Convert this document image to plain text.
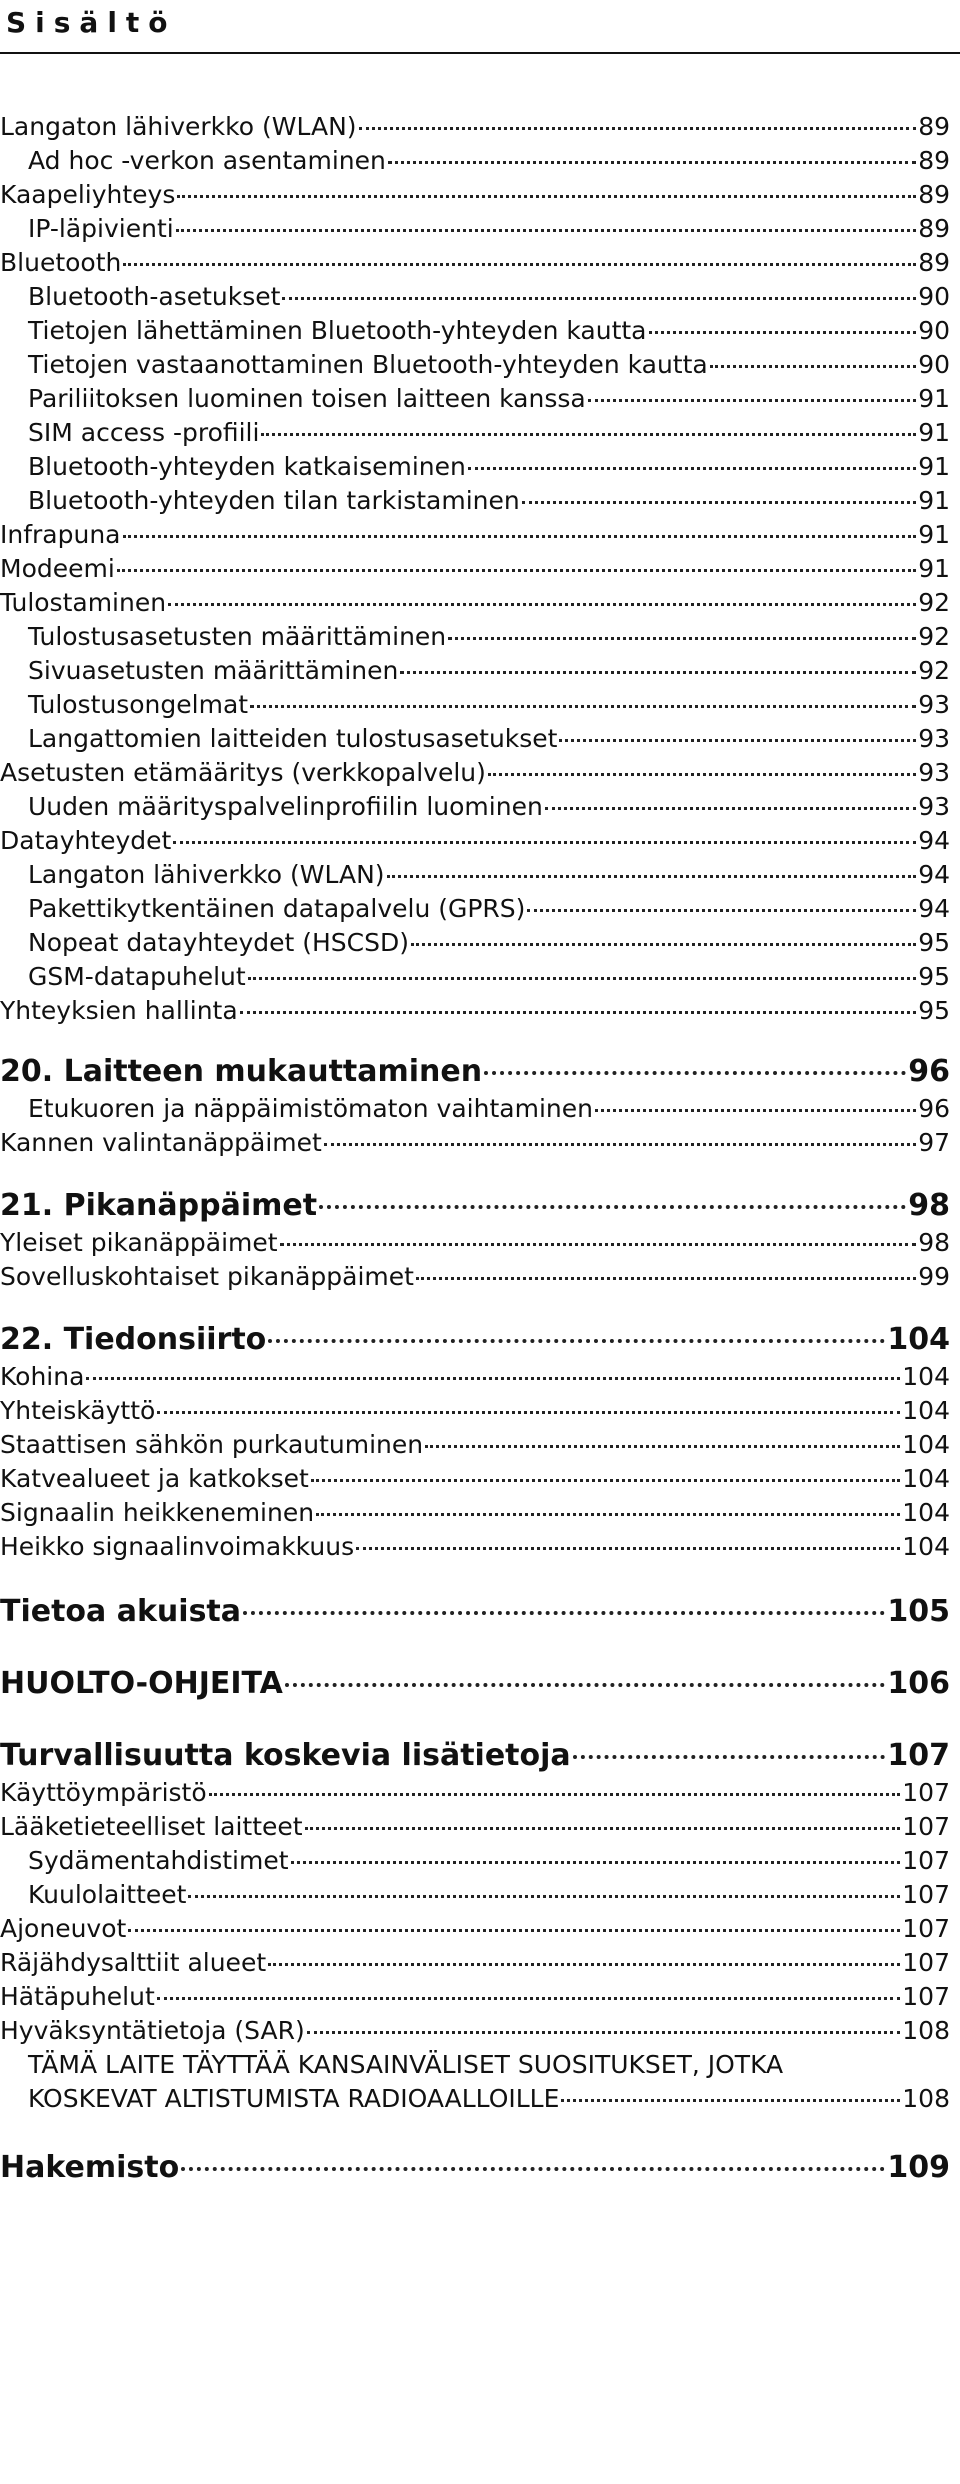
Sisältö
Langaton lähiverkko (WLAN)	89
Ad hoc -verkon asentaminen	89
Kaapeliyhteys	89
IP-läpivienti	89
Bluetooth	89
Bluetooth-asetukset	90
Tietojen lähettäminen Bluetooth-yhteyden kautta	90
Tietojen vastaanottaminen Bluetooth-yhteyden kautta	90
Pariliitoksen luominen toisen laitteen kanssa	91
SIM access -profiili	91
Bluetooth-yhteyden katkaiseminen	91
Bluetooth-yhteyden tilan tarkistaminen	91
Infrapuna	91
Modeemi	91
Tulostaminen	92
Tulostusasetusten määrittäminen	92
Sivuasetusten määrittäminen	92
Tulostusongelmat	93
Langattomien laitteiden tulostusasetukset	93
Asetusten etämääritys (verkkopalvelu)	93
Uuden määrityspalvelinprofiilin luominen	93
Datayhteydet	94
Langaton lähiverkko (WLAN)	94
Pakettikytkentäinen datapalvelu (GPRS)	94
Nopeat datayhteydet (HSCSD)	95
GSM-datapuhelut	95
Yhteyksien hallinta	95
20. Laitteen mukauttaminen	96
Etukuoren ja näppäimistömaton vaihtaminen	96
Kannen valintanäppäimet	97
21. Pikanäppäimet	98
Yleiset pikanäppäimet	98
Sovelluskohtaiset pikanäppäimet	99
22. Tiedonsiirto	104
Kohina	104
Yhteiskäyttö	104
Staattisen sähkön purkautuminen	104
Katvealueet ja katkokset	104
Signaalin heikkeneminen	104
Heikko signaalinvoimakkuus	104
Tietoa akuista	105
HUOLTO-OHJEITA	106
Turvallisuutta koskevia lisätietoja	107
Käyttöympäristö	107
Lääketieteelliset laitteet	107
Sydämentahdistimet	107
Kuulolaitteet	107
Ajoneuvot	107
Räjähdysalttiit alueet	107
Hätäpuhelut	107
Hyväksyntätietoja (SAR)	108
TÄMÄ LAITE TÄYTTÄÄ KANSAINVÄLISET SUOSITUKSET, JOTKA
KOSKEVAT ALTISTUMISTA RADIOAALLOILLE	108
Hakemisto	109
